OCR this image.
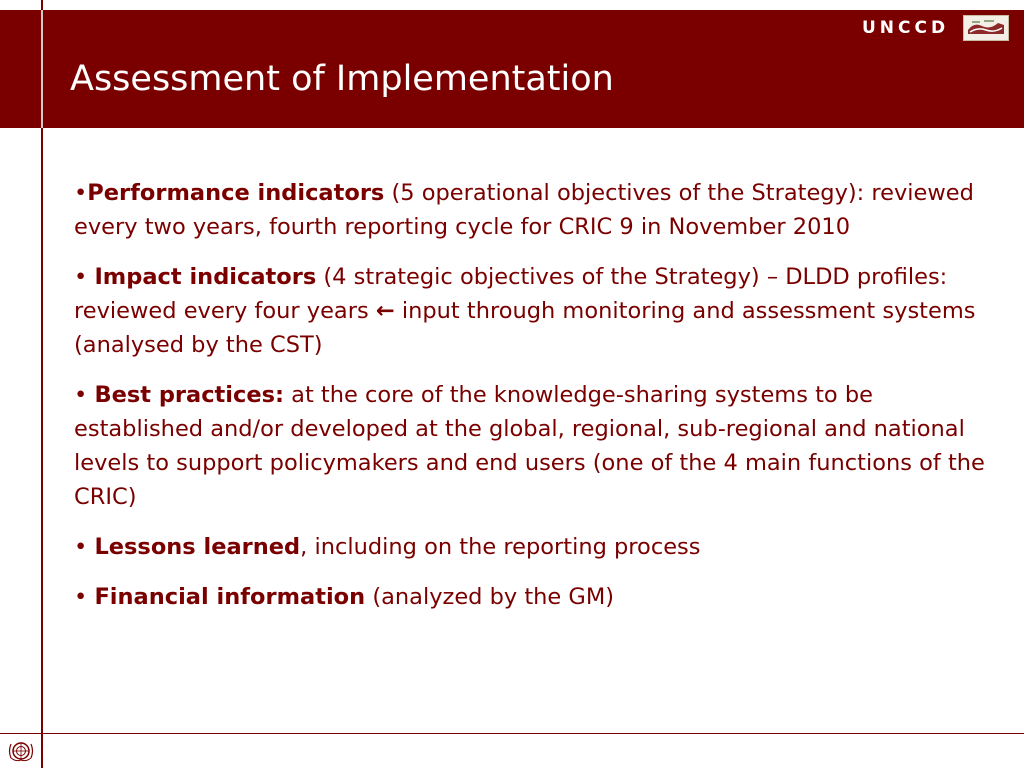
Assessment of Implementation
UNCCD

•Performance indicators (5 operational objectives of the Strategy): reviewed every two years, fourth reporting cycle for CRIC 9 in November 2010

• Impact indicators (4 strategic objectives of the Strategy) – DLDD profiles: reviewed every four years ← input through monitoring and assessment systems (analysed by the CST)

• Best practices: at the core of the knowledge-sharing systems to be established and/or developed at the global, regional, sub-regional and national levels to support policymakers and end users (one of the 4 main functions of the CRIC)

• Lessons learned, including on the reporting process

• Financial information (analyzed by the GM)
